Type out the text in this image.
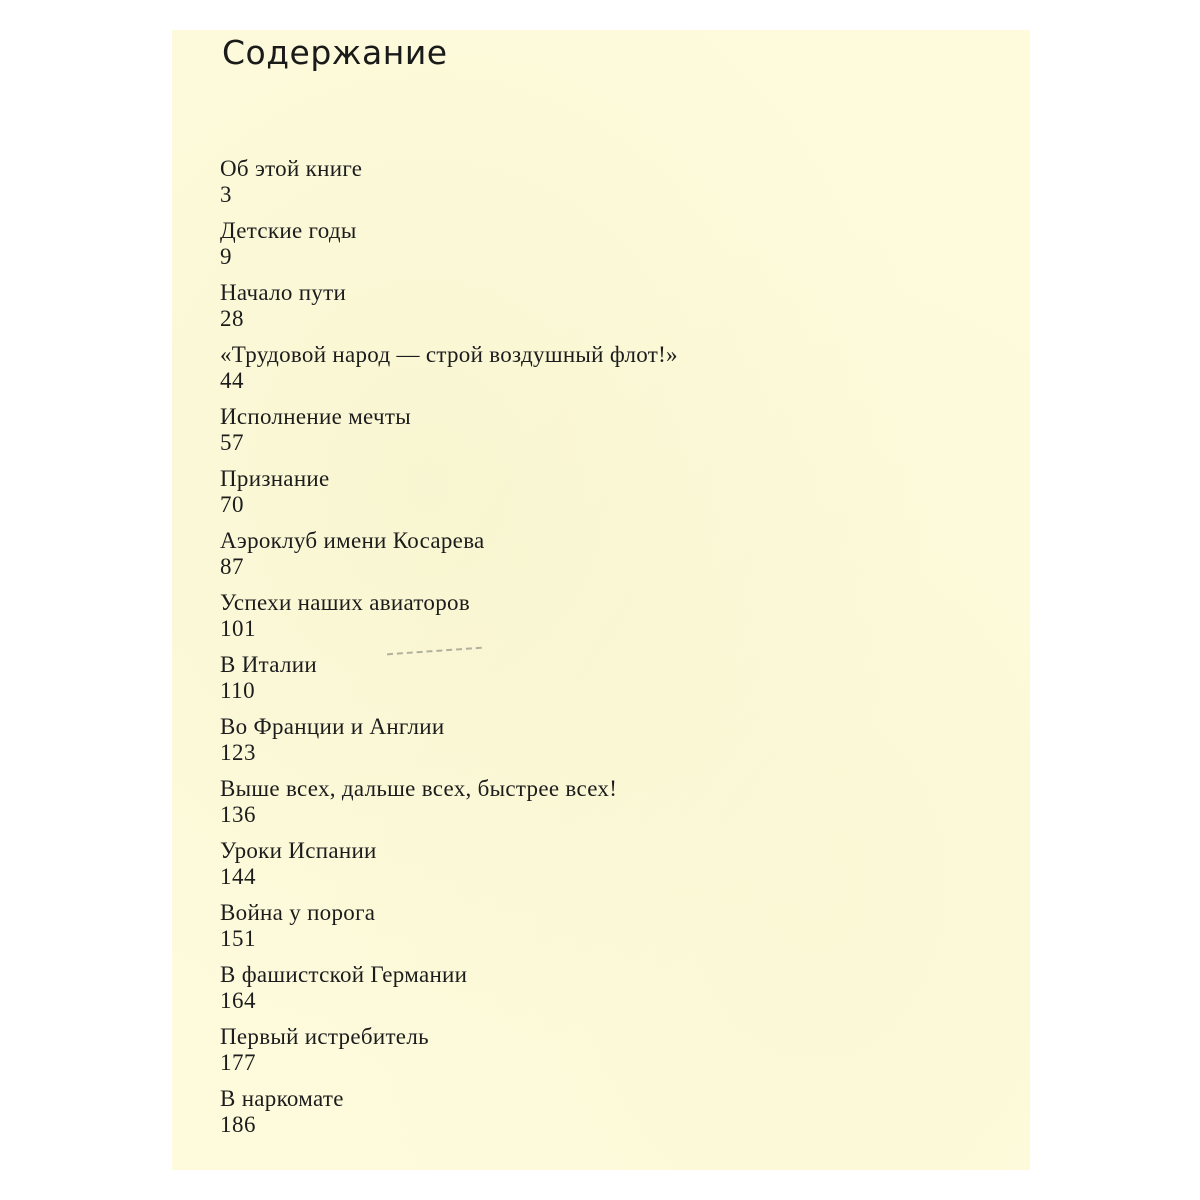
Содержание
Об этой книге
3
Детские годы
9
Начало пути
28
«Трудовой народ — строй воздушный флот!»
44
Исполнение мечты
57
Признание
70
Аэроклуб имени Косарева
87
Успехи наших авиаторов
101
В Италии
110
Во Франции и Англии
123
Выше всех, дальше всех, быстрее всех!
136
Уроки Испании
144
Война у порога
151
В фашистской Германии
164
Первый истребитель
177
В наркомате
186
